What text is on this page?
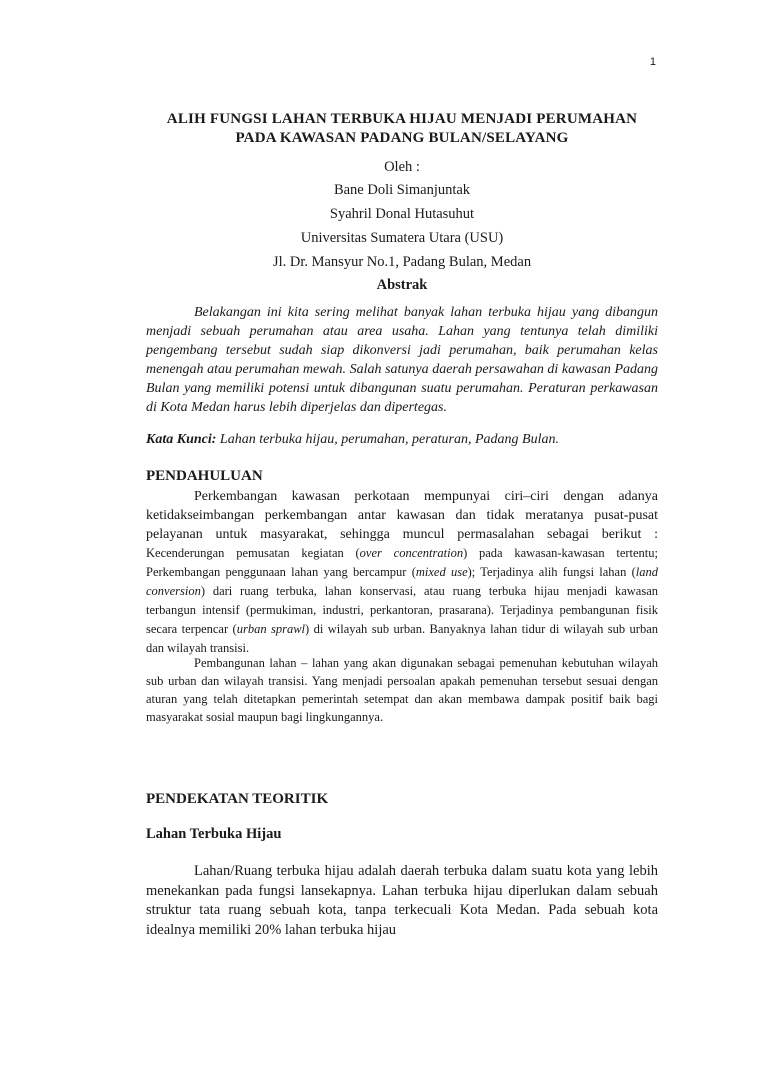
1
ALIH FUNGSI LAHAN TERBUKA HIJAU MENJADI PERUMAHAN
PADA KAWASAN PADANG BULAN/SELAYANG
Oleh :
Bane Doli Simanjuntak
Syahril Donal Hutasuhut
Universitas Sumatera Utara (USU)
Jl. Dr. Mansyur No.1, Padang Bulan, Medan
Abstrak

Belakangan ini kita sering melihat banyak lahan terbuka hijau yang dibangun menjadi sebuah perumahan atau area usaha. Lahan yang tentunya telah dimiliki pengembang tersebut sudah siap dikonversi jadi perumahan, baik perumahan kelas menengah atau perumahan mewah. Salah satunya daerah persawahan di kawasan Padang Bulan yang memiliki potensi untuk dibangunan suatu perumahan. Peraturan perkawasan di Kota Medan harus lebih diperjelas dan dipertegas.

Kata Kunci: Lahan terbuka hijau, perumahan, peraturan, Padang Bulan.
PENDAHULUAN

Perkembangan kawasan perkotaan mempunyai ciri–ciri dengan adanya ketidakseimbangan perkembangan antar kawasan dan tidak meratanya pusat-pusat pelayanan untuk masyarakat, sehingga muncul permasalahan sebagai berikut : Kecenderungan pemusatan kegiatan (over concentration) pada kawasan-kawasan tertentu; Perkembangan penggunaan lahan yang bercampur (mixed use); Terjadinya alih fungsi lahan (land conversion) dari ruang terbuka, lahan konservasi, atau ruang terbuka hijau menjadi kawasan terbangun intensif (permukiman, industri, perkantoran, prasarana). Terjadinya pembangunan fisik secara terpencar (urban sprawl) di wilayah sub urban. Banyaknya lahan tidur di wilayah sub urban dan wilayah transisi.

Pembangunan lahan – lahan yang akan digunakan sebagai pemenuhan kebutuhan wilayah sub urban dan wilayah transisi. Yang menjadi persoalan apakah pemenuhan tersebut sesuai dengan aturan yang telah ditetapkan pemerintah setempat dan akan membawa dampak positif baik bagi masyarakat sosial maupun bagi lingkungannya.

PENDEKATAN TEORITIK
Lahan Terbuka Hijau

Lahan/Ruang terbuka hijau adalah daerah terbuka dalam suatu kota yang lebih menekankan pada fungsi lansekapnya. Lahan terbuka hijau diperlukan dalam sebuah struktur tata ruang sebuah kota, tanpa terkecuali Kota Medan. Pada sebuah kota idealnya memiliki 20% lahan terbuka hijau
